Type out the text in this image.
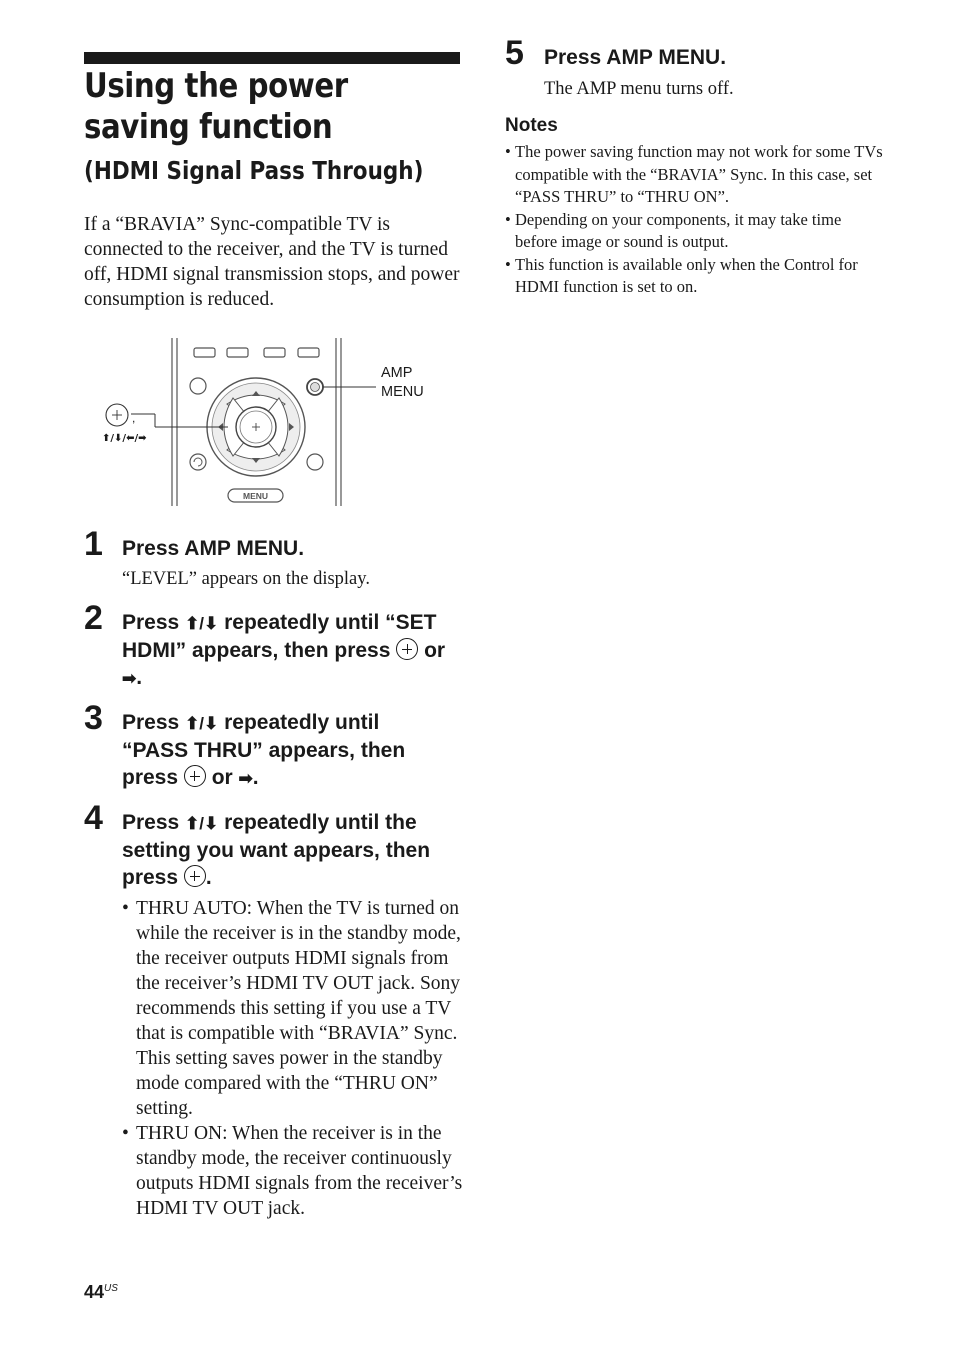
Using the power saving function
(HDMI Signal Pass Through)

If a “BRAVIA” Sync-compatible TV is connected to the receiver, and the TV is turned off, HDMI signal transmission stops, and power consumption is reduced.

MENU
,
⬆/⬇/⬅/➡
AMP
MENU
1 Press AMP MENU.

“LEVEL” appears on the display.

2 Press ⬆/⬇ repeatedly until “SET HDMI” appears, then press  or ➡.

3 Press ⬆/⬇ repeatedly until “PASS THRU” appears, then press  or ➡.

4 Press ⬆/⬇ repeatedly until the setting you want appears, then press .

• THRU AUTO: When the TV is turned on while the receiver is in the standby mode, the receiver outputs HDMI signals from the receiver’s HDMI TV OUT jack. Sony recommends this setting if you use a TV that is compatible with “BRAVIA” Sync. This setting saves power in the standby mode compared with the “THRU ON” setting.
• THRU ON: When the receiver is in the standby mode, the receiver continuously outputs HDMI signals from the receiver’s HDMI TV OUT jack.
5 Press AMP MENU.

The AMP menu turns off.

Notes
• The power saving function may not work for some TVs compatible with the “BRAVIA” Sync. In this case, set “PASS THRU” to “THRU ON”.
• Depending on your components, it may take time before image or sound is output.
• This function is available only when the Control for HDMI function is set to on.
$44^{US}$
